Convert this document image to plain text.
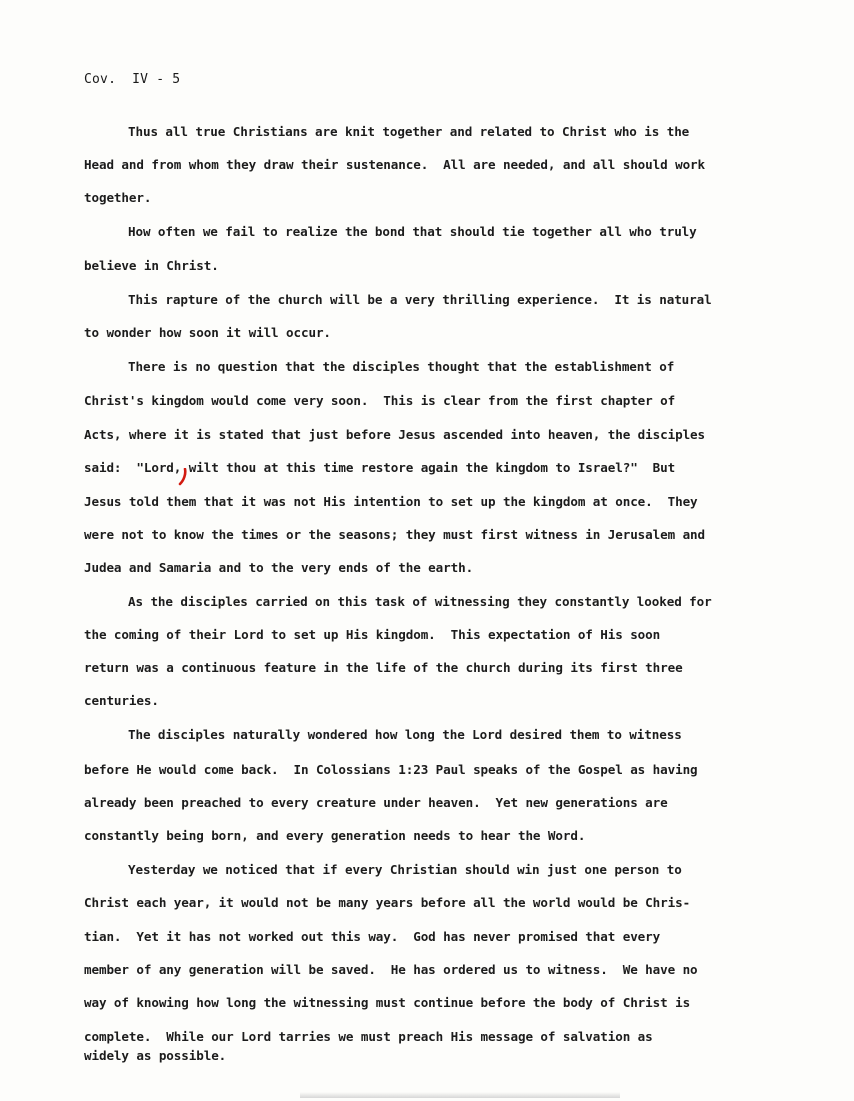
Cov.  IV - 5
Thus all true Christians are knit together and related to Christ who is the
Head and from whom they draw their sustenance.  All are needed, and all should work
together.
How often we fail to realize the bond that should tie together all who truly
believe in Christ.
This rapture of the church will be a very thrilling experience.  It is natural
to wonder how soon it will occur.
There is no question that the disciples thought that the establishment of
Christ's kingdom would come very soon.  This is clear from the first chapter of
Acts, where it is stated that just before Jesus ascended into heaven, the disciples
said:  "Lord, wilt thou at this time restore again the kingdom to Israel?"  But
Jesus told them that it was not His intention to set up the kingdom at once.  They
were not to know the times or the seasons; they must first witness in Jerusalem and
Judea and Samaria and to the very ends of the earth.
As the disciples carried on this task of witnessing they constantly looked for
the coming of their Lord to set up His kingdom.  This expectation of His soon
return was a continuous feature in the life of the church during its first three
centuries.
The disciples naturally wondered how long the Lord desired them to witness
before He would come back.  In Colossians 1:23 Paul speaks of the Gospel as having
already been preached to every creature under heaven.  Yet new generations are
constantly being born, and every generation needs to hear the Word.
Yesterday we noticed that if every Christian should win just one person to
Christ each year, it would not be many years before all the world would be Chris-
tian.  Yet it has not worked out this way.  God has never promised that every
member of any generation will be saved.  He has ordered us to witness.  We have no
way of knowing how long the witnessing must continue before the body of Christ is
complete.  While our Lord tarries we must preach His message of salvation as
widely as possible.
